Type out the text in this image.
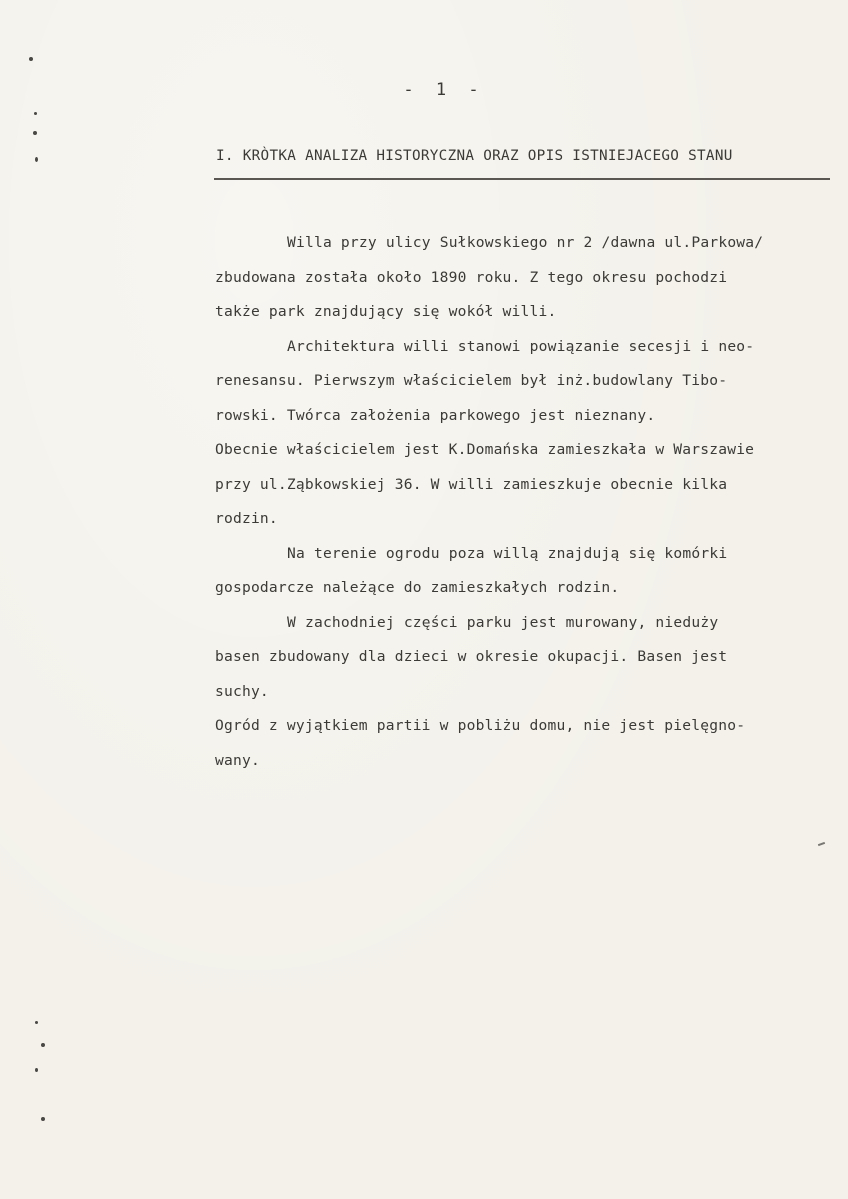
- 1 -
I. KRÒTKA ANALIZA HISTORYCZNA ORAZ OPIS ISTNIEJACEGO STANU
Willa przy ulicy Sułkowskiego nr 2 /dawna ul.Parkowa/
zbudowana została około 1890 roku. Z tego okresu pochodzi
także park znajdujący się wokół willi.
Architektura willi stanowi powiązanie secesji i neo-
renesansu. Pierwszym właścicielem był inż.budowlany Tibo-
rowski. Twórca założenia parkowego jest nieznany.
Obecnie właścicielem jest K.Domańska zamieszkała w Warszawie
przy ul.Ząbkowskiej 36. W willi zamieszkuje obecnie kilka
rodzin.
Na terenie ogrodu poza willą znajdują się komórki
gospodarcze należące do zamieszkałych rodzin.
W zachodniej części parku jest murowany, nieduży
basen zbudowany dla dzieci w okresie okupacji. Basen jest
suchy.
Ogród z wyjątkiem partii w pobliżu domu, nie jest pielęgno-
wany.
